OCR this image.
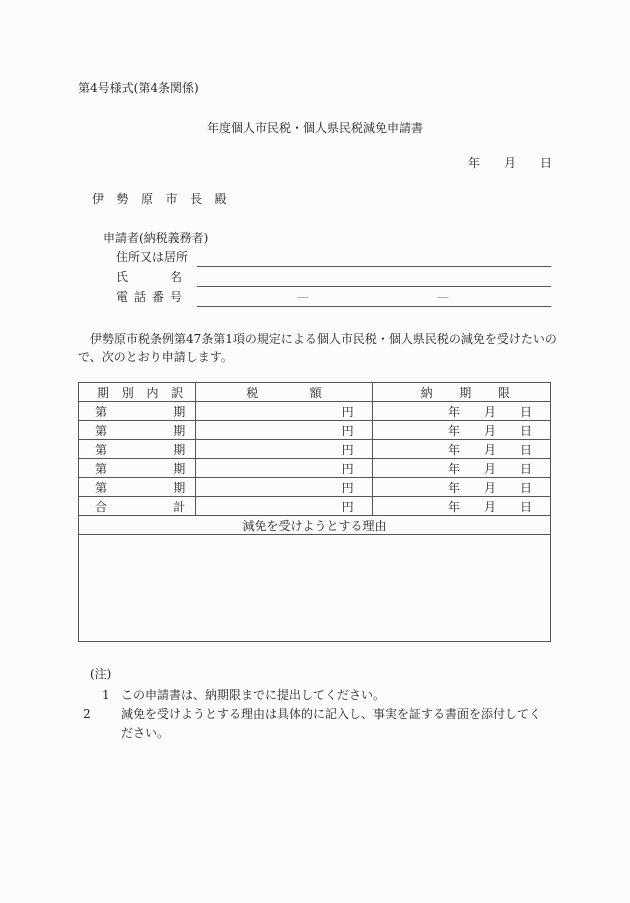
第4号様式(第4条関係)
年度個人市民税・個人県民税減免申請書
年 月 日
伊勢原市長殿
申請者(納税義務者)
住所又は居所
氏	名
電 話 番 号	—	—
伊勢原市税条例第47条第1項の規定による個人市民税・個人県民税の減免を受けたいので、次のとおり申請します。
期 別 内 訳	税 額	納 期 限

第 期	円	年 月 日

第 期	円	年 月 日

第 期	円	年 月 日

第 期	円	年 月 日

第 期	円	年 月 日

合 計	円	年 月 日

減免を受けようとする理由		

(注)
1 この申請書は、納期限までに提出してください。
2	減免を受けようとする理由は具体的に記入し、事実を証する書面を添付してください。
